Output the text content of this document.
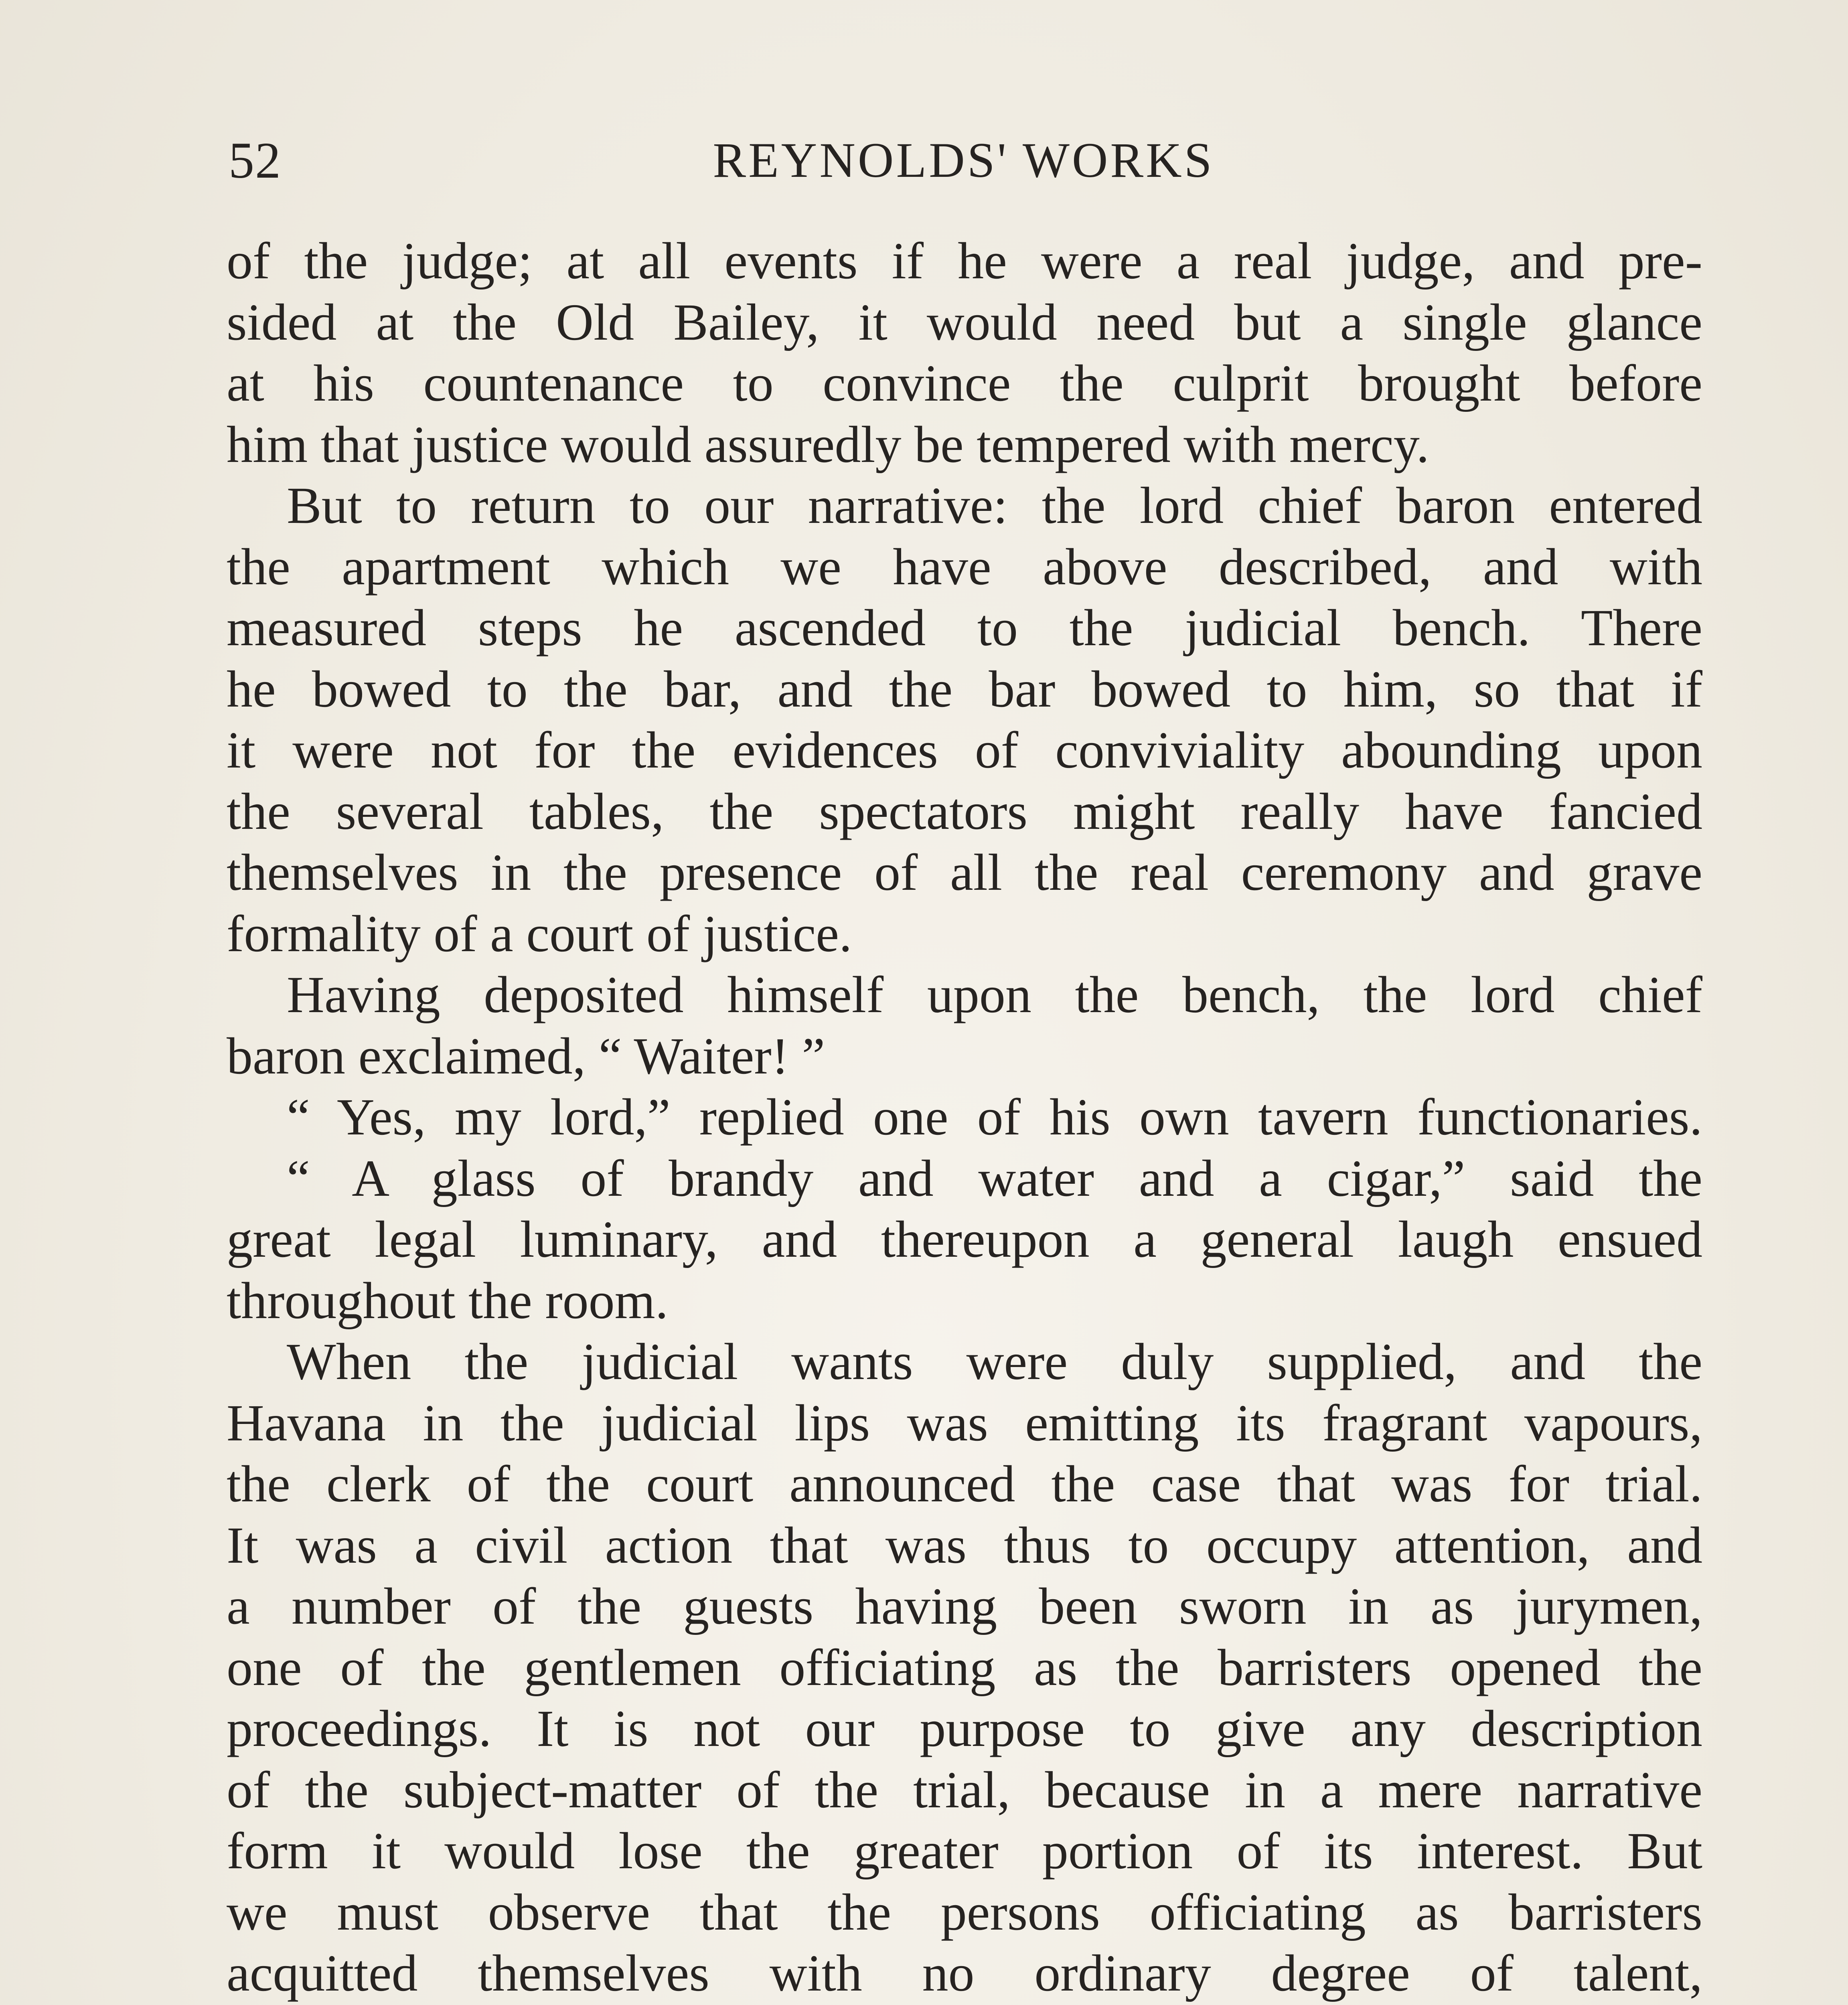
52	REYNOLDS' WORKS
of the judge; at all events if he were a real judge, and pre-
sided at the Old Bailey, it would need but a single glance
at his countenance to convince the culprit brought before
him that justice would assuredly be tempered with mercy.
But to return to our narrative: the lord chief baron entered
the apartment which we have above described, and with
measured steps he ascended to the judicial bench. There
he bowed to the bar, and the bar bowed to him, so that if
it were not for the evidences of conviviality abounding upon
the several tables, the spectators might really have fancied
themselves in the presence of all the real ceremony and grave
formality of a court of justice.
Having deposited himself upon the bench, the lord chief
baron exclaimed, “ Waiter! ”
“ Yes, my lord,” replied one of his own tavern functionaries.
“ A glass of brandy and water and a cigar,” said the
great legal luminary, and thereupon a general laugh ensued
throughout the room.
When the judicial wants were duly supplied, and the
Havana in the judicial lips was emitting its fragrant vapours,
the clerk of the court announced the case that was for trial.
It was a civil action that was thus to occupy attention, and
a number of the guests having been sworn in as jurymen,
one of the gentlemen officiating as the barristers opened the
proceedings. It is not our purpose to give any description
of the subject-matter of the trial, because in a mere narrative
form it would lose the greater portion of its interest. But
we must observe that the persons officiating as barristers
acquitted themselves with no ordinary degree of talent,
